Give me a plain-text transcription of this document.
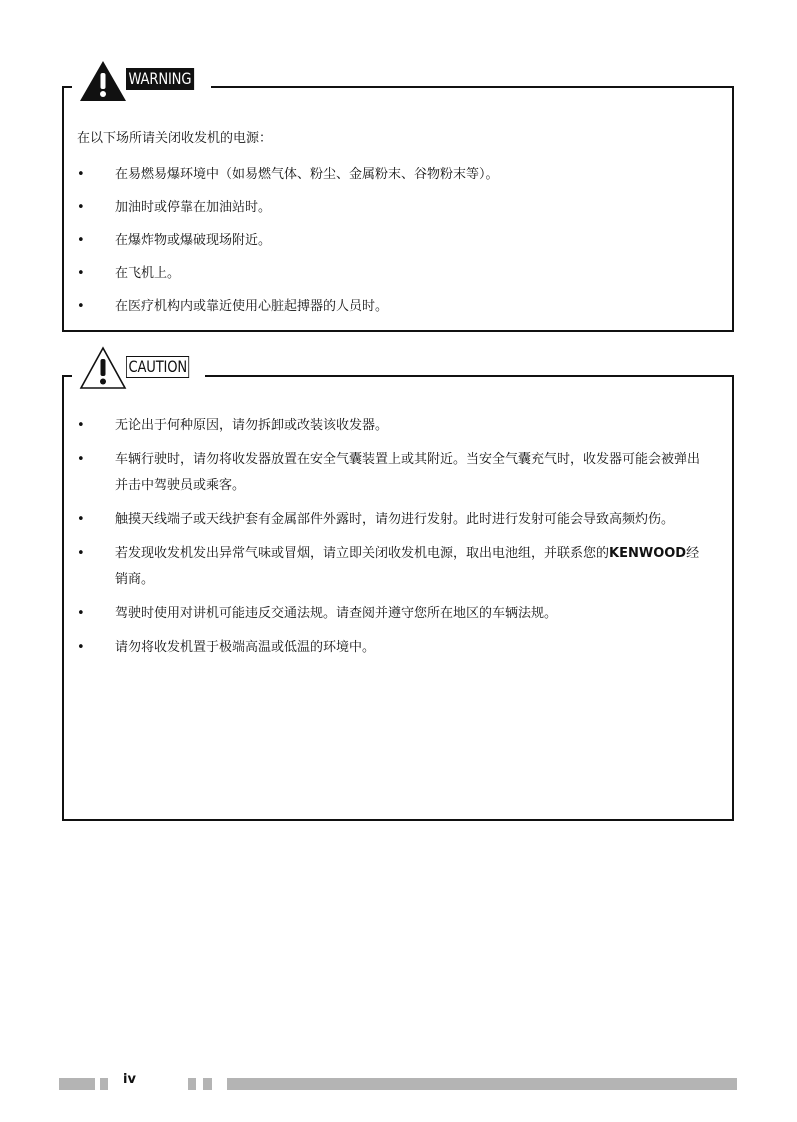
WARNING
在以下场所请关闭收发机的电源：
• 在易燃易爆环境中（如易燃气体、粉尘、金属粉末、谷物粉末等）。
• 加油时或停靠在加油站时。
• 在爆炸物或爆破现场附近。
• 在飞机上。
• 在医疗机构内或靠近使用心脏起搏器的人员时。
CAUTION
• 无论出于何种原因，请勿拆卸或改装该收发器。
• 车辆行驶时，请勿将收发器放置在安全气囊装置上或其附近。当安全气囊充气时，收发器可能会被弹出并击中驾驶员或乘客。
• 触摸天线端子或天线护套有金属部件外露时，请勿进行发射。此时进行发射可能会导致高频灼伤。
• 若发现收发机发出异常气味或冒烟，请立即关闭收发机电源，取出电池组，并联系您的KENWOOD经销商。
• 驾驶时使用对讲机可能违反交通法规。请查阅并遵守您所在地区的车辆法规。
• 请勿将收发机置于极端高温或低温的环境中。
iv
